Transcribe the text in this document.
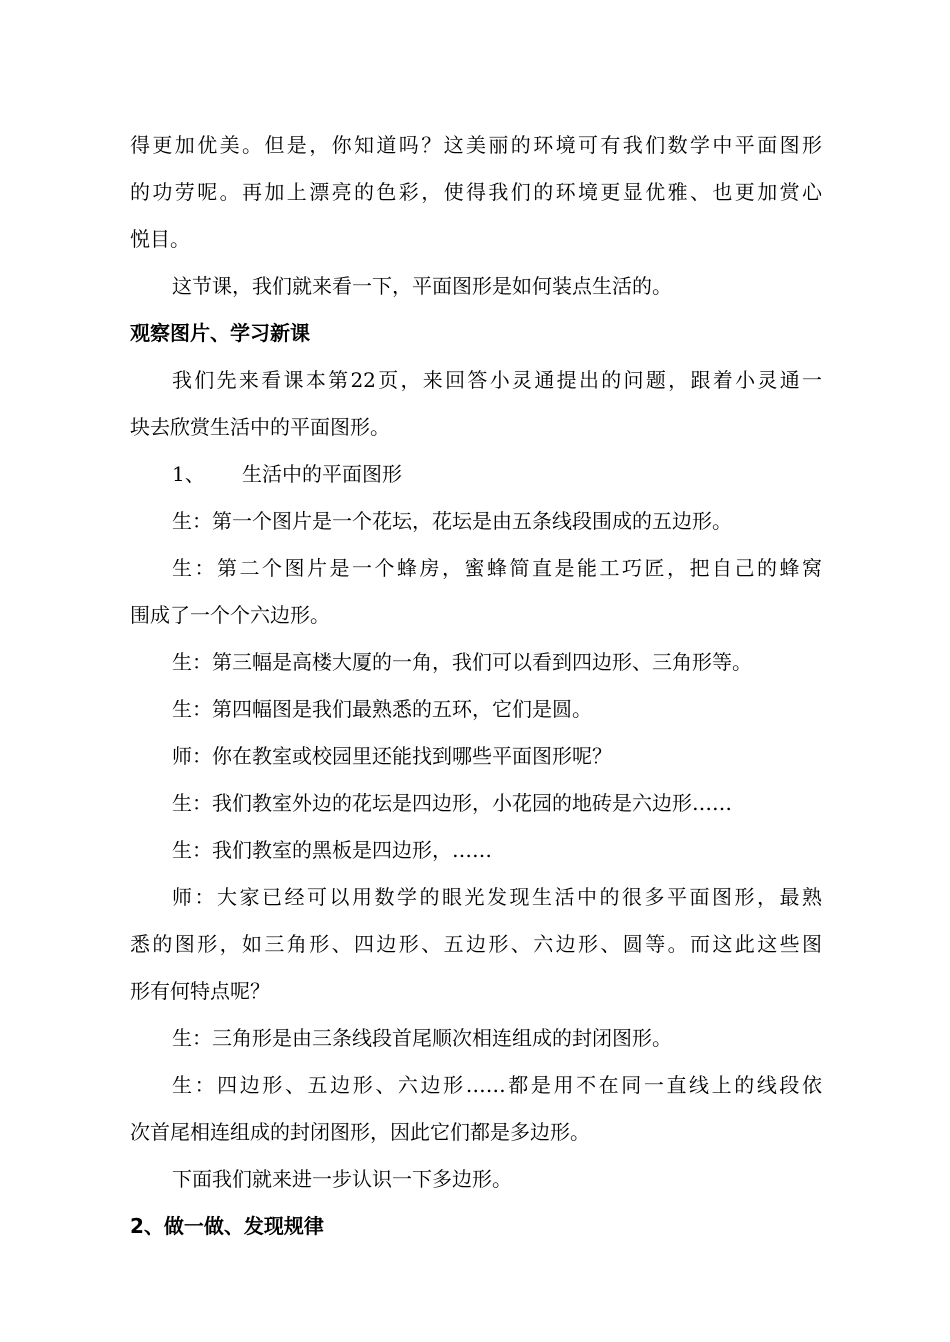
得更加优美。但是，你知道吗？这美丽的环境可有我们数学中平面图形
的功劳呢。再加上漂亮的色彩，使得我们的环境更显优雅、也更加赏心
悦目。
这节课，我们就来看一下，平面图形是如何装点生活的。
观察图片、学习新课
我们先来看课本第22页，来回答小灵通提出的问题，跟着小灵通一
块去欣赏生活中的平面图形。
1、 生活中的平面图形
生：第一个图片是一个花坛，花坛是由五条线段围成的五边形。
生：第二个图片是一个蜂房，蜜蜂简直是能工巧匠，把自己的蜂窝
围成了一个个六边形。
生：第三幅是高楼大厦的一角，我们可以看到四边形、三角形等。
生：第四幅图是我们最熟悉的五环，它们是圆。
师：你在教室或校园里还能找到哪些平面图形呢？
生：我们教室外边的花坛是四边形，小花园的地砖是六边形……
生：我们教室的黑板是四边形，……
师：大家已经可以用数学的眼光发现生活中的很多平面图形，最熟
悉的图形，如三角形、四边形、五边形、六边形、圆等。而这此这些图
形有何特点呢？
生：三角形是由三条线段首尾顺次相连组成的封闭图形。
生：四边形、五边形、六边形……都是用不在同一直线上的线段依
次首尾相连组成的封闭图形，因此它们都是多边形。
下面我们就来进一步认识一下多边形。
2、做一做、发现规律
